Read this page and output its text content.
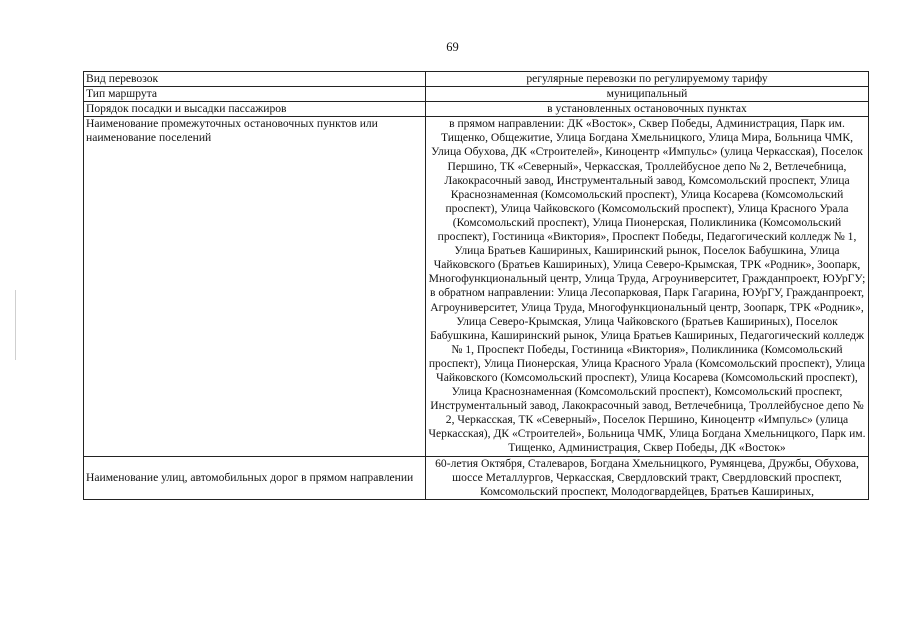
69
Вид перевозок	регулярные перевозки по регулируемому тарифу
Тип маршрута	муниципальный
Порядок посадки и высадки пассажиров	в установленных остановочных пунктах
Наименование промежуточных остановочных пунктов или наименование поселений	в прямом направлении: ДК «Восток», Сквер Победы, Администрация, Парк им. Тищенко, Общежитие, Улица Богдана Хмельницкого, Улица Мира, Больница ЧМК, Улица Обухова, ДК «Строителей», Киноцентр «Импульс» (улица Черкасская), Поселок Першино, ТК «Северный», Черкасская, Троллейбусное депо № 2, Ветлечебница, Лакокрасочный завод, Инструментальный завод, Комсомольский проспект, Улица Краснознаменная (Комсомольский проспект), Улица Косарева (Комсомольский проспект), Улица Чайковского (Комсомольский проспект), Улица Красного Урала (Комсомольский проспект), Улица Пионерская, Поликлиника (Комсомольский проспект), Гостиница «Виктория», Проспект Победы, Педагогический колледж № 1, Улица Братьев Кашириных, Каширинский рынок, Поселок Бабушкина, Улица Чайковского (Братьев Кашириных), Улица Северо-Крымская, ТРК «Родник», Зоопарк, Многофункциональный центр, Улица Труда, Агроуниверситет, Гражданпроект, ЮУрГУ;
в обратном направлении: Улица Лесопарковая, Парк Гагарина, ЮУрГУ, Гражданпроект, Агроуниверситет, Улица Труда, Многофункциональный центр, Зоопарк, ТРК «Родник», Улица Северо-Крымская, Улица Чайковского (Братьев Кашириных), Поселок Бабушкина, Каширинский рынок, Улица Братьев Кашириных, Педагогический колледж № 1, Проспект Победы, Гостиница «Виктория», Поликлиника (Комсомольский проспект), Улица Пионерская, Улица Красного Урала (Комсомольский проспект), Улица Чайковского (Комсомольский проспект), Улица Косарева (Комсомольский проспект), Улица Краснознаменная (Комсомольский проспект), Комсомольский проспект, Инструментальный завод, Лакокрасочный завод, Ветлечебница, Троллейбусное депо № 2, Черкасская, ТК «Северный», Поселок Першино, Киноцентр «Импульс» (улица Черкасская), ДК «Строителей», Больница ЧМК, Улица Богдана Хмельницкого, Парк им. Тищенко, Администрация, Сквер Победы, ДК «Восток»
Наименование улиц, автомобильных дорог в прямом направлении	60-летия Октября, Сталеваров, Богдана Хмельницкого, Румянцева, Дружбы, Обухова, шоссе Металлургов, Черкасская, Свердловский тракт, Свердловский проспект, Комсомольский проспект, Молодогвардейцев, Братьев Кашириных,
